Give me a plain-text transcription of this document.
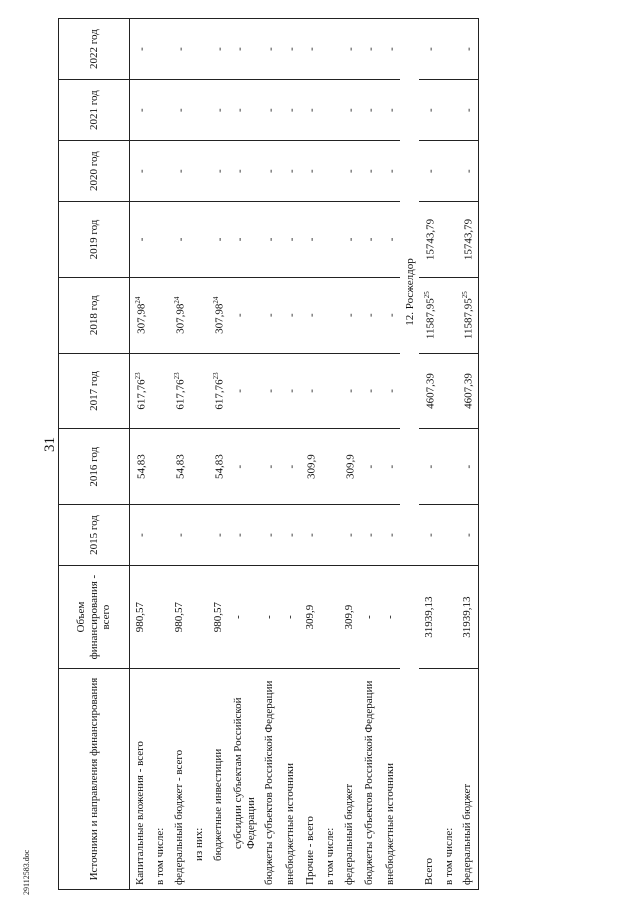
31
29112583.doc	Источники и направления финансирования	Объем финансирования - всего	2015 год	2016 год	2017 год	2018 год	2019 год	2020 год	2021 год	2022 год
Капитальные вложения - всего	980,57	-	54,83	617,76$^{23}$	307,98$^{24}$	-	-	-	-
в том числе:									
федеральный бюджет - всего	980,57	-	54,83	617,76$^{23}$	307,98$^{24}$	-	-	-	-
из них:									
бюджетные инвестиции	980,57	-	54,83	617,76$^{23}$	307,98$^{24}$	-	-	-	-
субсидии субъектам Российской Федерации	-	-	-	-	-	-	-	-	-
бюджеты субъектов Российской Федерации	-	-	-	-	-	-	-	-	-
внебюджетные источники	-	-	-	-	-	-	-	-	-
Прочие - всего	309,9	-	309,9	-	-	-	-	-	-
в том числе:									
федеральный бюджет	309,9	-	309,9	-	-	-	-	-	-
бюджеты субъектов Российской Федерации	-	-	-	-	-	-	-	-	-
внебюджетные источники	-	-	-	-	-	-	-	-	-
		12. Росжелдор							
Всего	31939,13	-	-	4607,39	11587,95$^{25}$	15743,79	-	-	-
в том числе:									
федеральный бюджет	31939,13	-	-	4607,39	11587,95$^{25}$	15743,79	-	-	-
